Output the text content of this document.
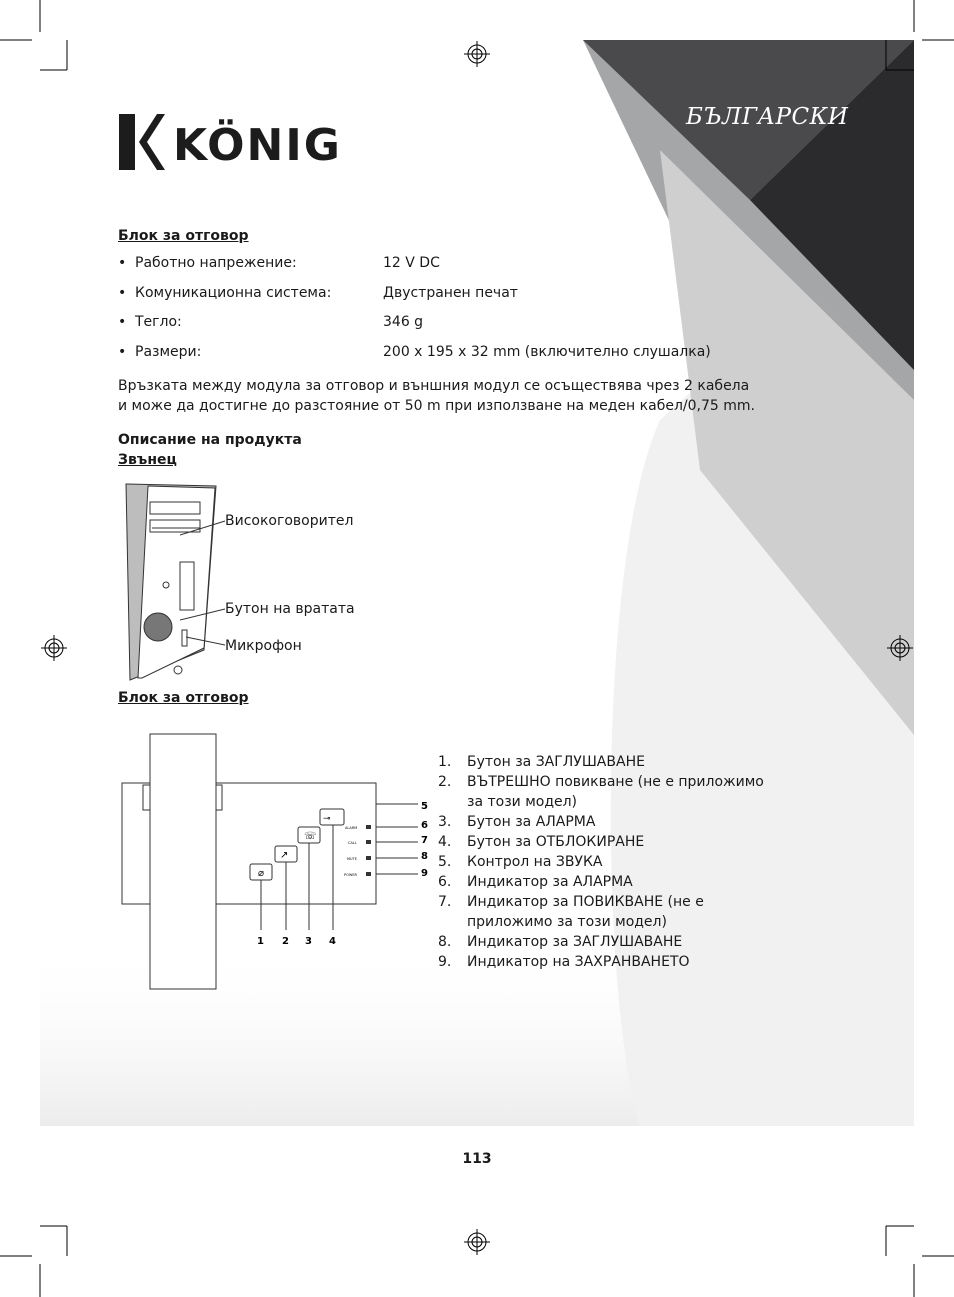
БЪЛГАРСКИ
KÖNIG
Блок за отговор
• Работно напрежение:	12 V DC
• Комуникационна система:	Двустранен печат
• Тегло:	346 g
• Размери:	200 x 195 x 32 mm (включително слушалка)
Връзката между модула за отговор и външния модул се осъществява чрез 2 кабела и може да достигне до разстояние от 50 m при използване на меден кабел/0,75 mm.
Описание на продукта
Звънец
Високоговорител
Бутон на вратата
Микрофон
Блок за отговор
⌀
↗
☏
⊸
ALARM
CALL
MUTE
POWER
1 2 3 4
5
6
7
8
9
1. Бутон за ЗАГЛУШАВАНЕ
2. ВЪТРЕШНО повикване (не е приложимо за този модел)
3. Бутон за АЛАРМА
4. Бутон за ОТБЛОКИРАНЕ
5. Контрол на ЗВУКА
6. Индикатор за АЛАРМА
7. Индикатор за ПОВИКВАНЕ (не е приложимо за този модел)
8. Индикатор за ЗАГЛУШАВАНЕ
9. Индикатор на ЗАХРАНВАНЕТО
113
